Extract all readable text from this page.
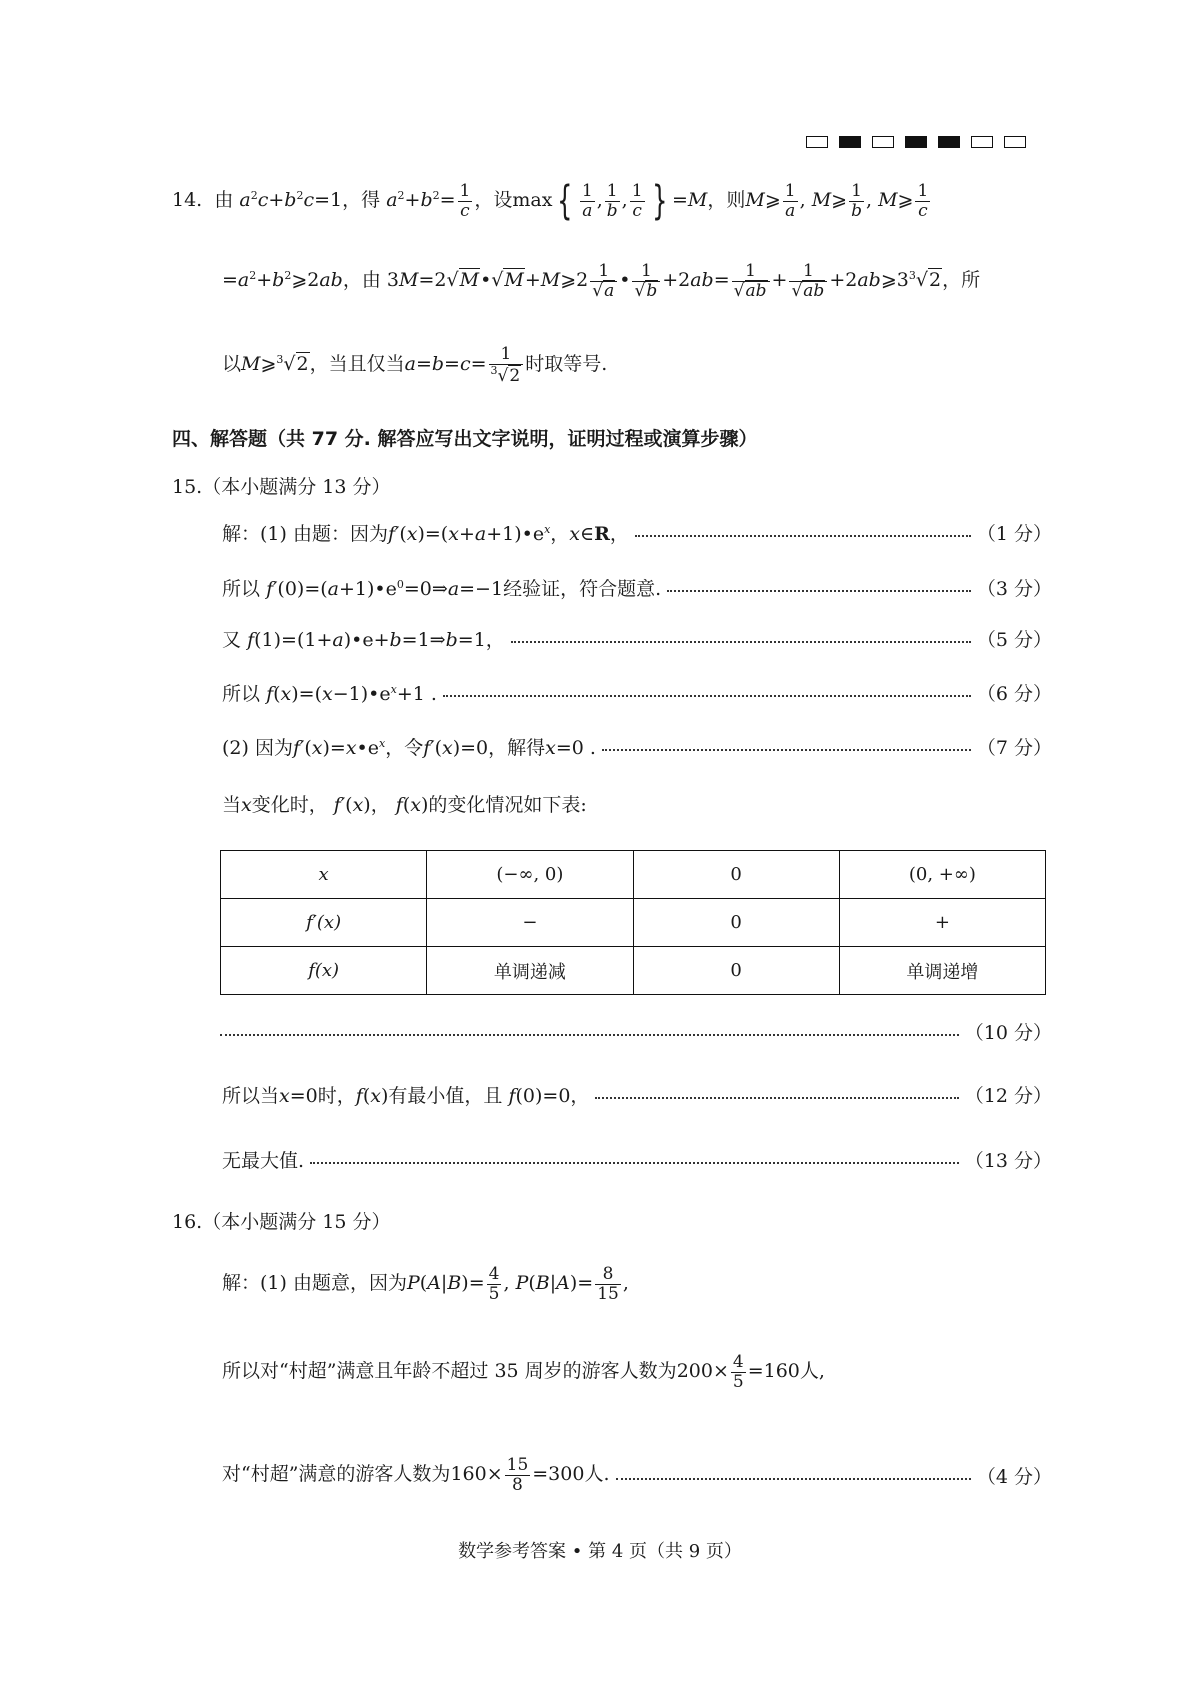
14. 由 $a^2c+b^2c=1$，得 $a^2+b^2= \frac{1}{c}$ ，设max { $\frac{1}{a}$ , $\frac{1}{b}$ , $\frac{1}{c}$ } =M，则M⩾ $\frac{1}{a}$ , M⩾ $\frac{1}{b}$ , M⩾ $\frac{1}{c}$
$=a^2+b^2⩾2ab$，由 3M=2√M•√M+M⩾2 $\frac{1}{√a}$ • $\frac{1}{√b} +2ab= \frac{1}{√ab} + \frac{1}{√ab}$ $+2ab⩾3^3√2$，所
以M⩾$^3$√2，当且仅当$a=b=c= \frac{1}{^3√2}$ 时取等号.
四、解答题（共 77 分. 解答应写出文字说明，证明过程或演算步骤）
15.（本小题满分 13 分）
解：(1) 由题：因为$f'(x)=(x+a+1)•e^x$，x∈R，	（1 分）
所以 $f'(0)=(a+1)•e^0=0\Rightarrow a=-1$经验证，符合题意.	（3 分）
又 f(1)=(1+a)•e+b=1⇒b=1，	（5 分）
所以 $f(x)=(x-1)•e^x+1$ .	（6 分）
(2) 因为$f'(x)=x•e^x$，令f′(x)=0，解得x=0 .	（7 分）
当x变化时， f′(x)， f(x)的变化情况如下表:
x	(−∞, 0)	0	(0, +∞)
f′(x)	−	0	+
f(x)	单调递减	0	单调递增
（10 分）
所以当x=0时，f(x)有最小值，且 f(0)=0，	（12 分）
无最大值.	（13 分）
16.（本小题满分 15 分）
解：(1) 由题意，因为$P(A|B)= \frac{4}{5}$ , $P(B|A)= \frac{8}{15}$ ,
所以对“村超”满意且年龄不超过 35 周岁的游客人数为$200\times \frac{4}{5} =160$人,
对“村超”满意的游客人数为$160\times \frac{15}{8} =300$人.	（4 分）
数学参考答案 • 第 4 页（共 9 页）
